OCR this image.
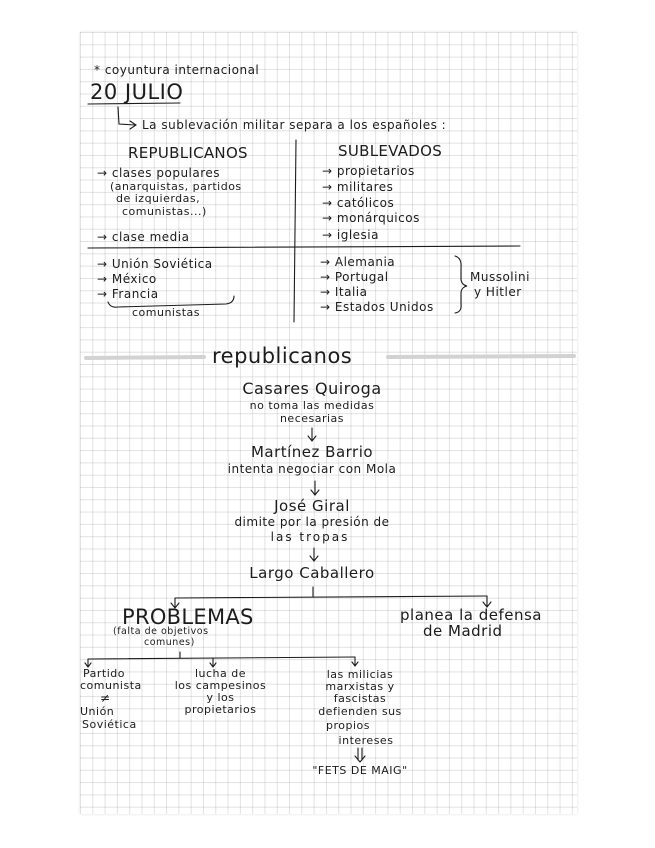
* coyuntura internacional
20 JULIO
La sublevación militar separa a los españoles :
REPUBLICANOS	SUBLEVADOS
→ clases populares
(anarquistas, partidos
de izquierdas,
comunistas...)
→ clase media
→ propietarios
→ militares
→ católicos
→ monárquicos
→ iglesia
→ Unión Soviética
→ México
→ Francia
comunistas
→ Alemania
→ Portugal
→ Italia
→ Estados Unidos
Mussolini
y Hitler
republicanos
Casares Quiroga
no toma las medidas
necesarias
Martínez Barrio
intenta negociar con Mola
José Giral
dimite por la presión de
las tropas
Largo Caballero
PROBLEMAS
(falta de objetivos
comunes)
planea la defensa
de Madrid
Partido
comunista
≠
Unión
Soviética
lucha de
los campesinos
y los
propietarios
las milicias
marxistas y
fascistas
defienden sus
propios
intereses
"FETS DE MAIG"
